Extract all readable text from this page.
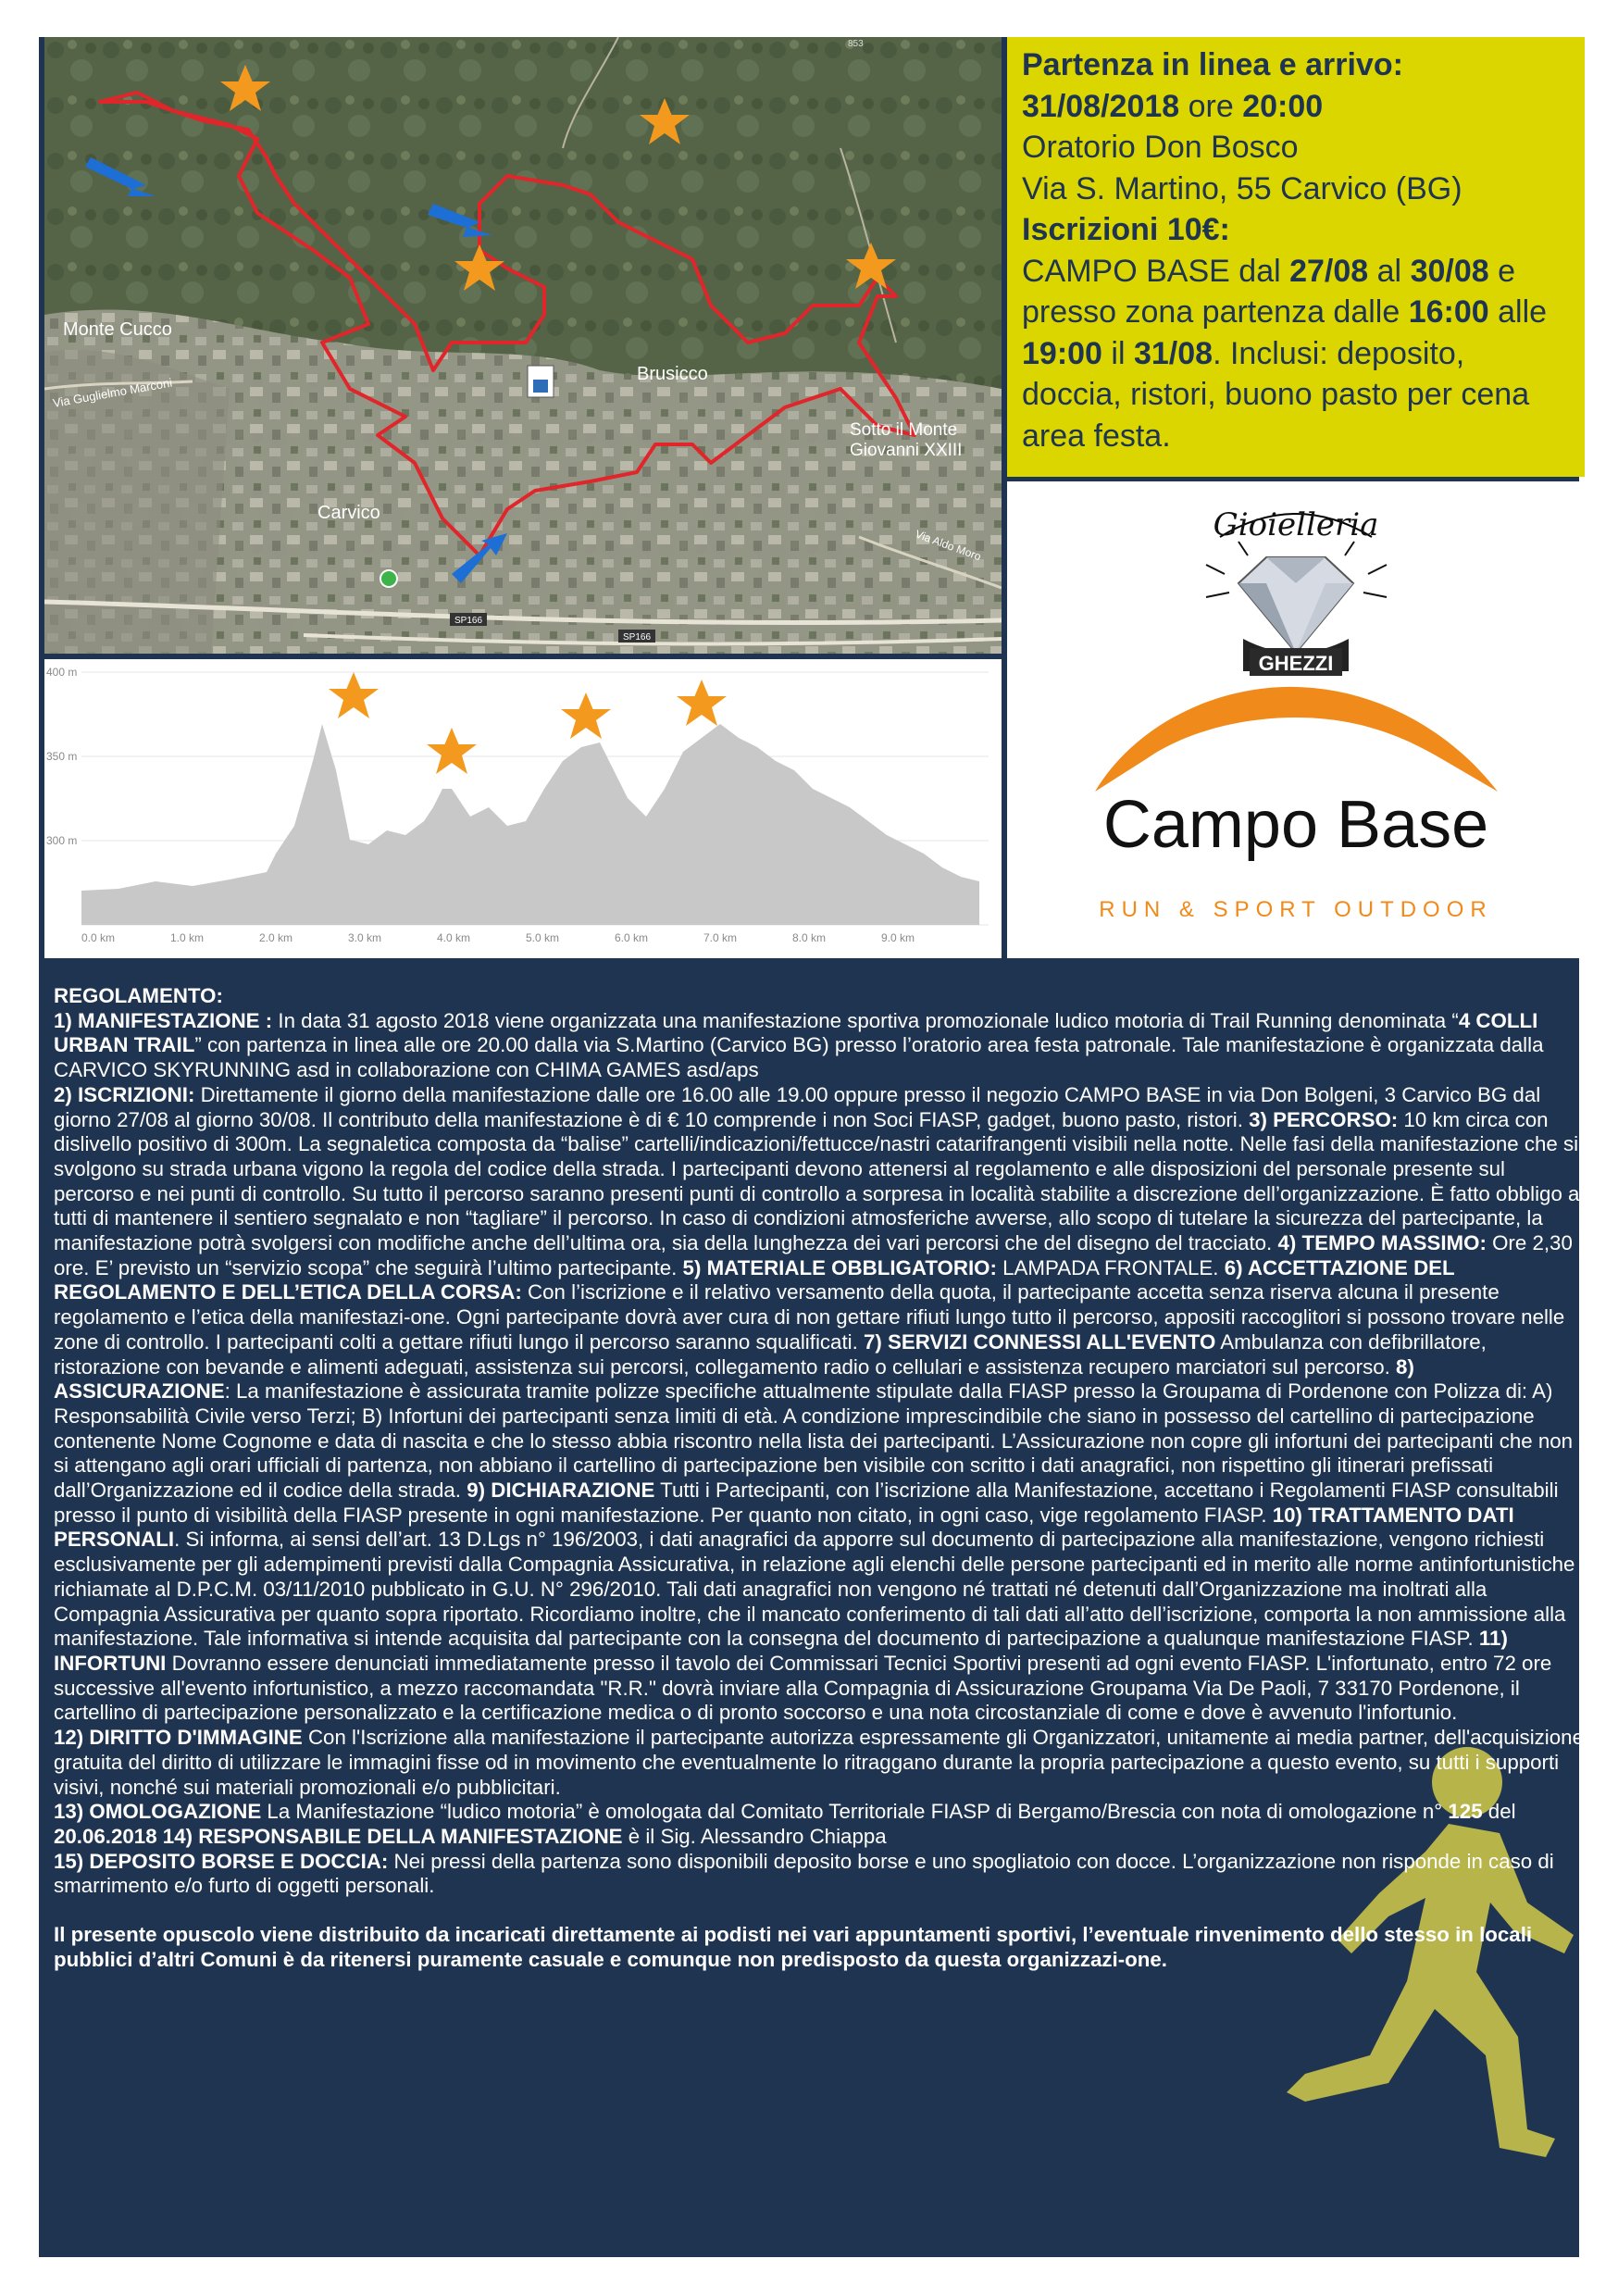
Monte Cucco
Via Guglielmo Marconi
Carvico
Brusicco
Sotto il Monte
Giovanni XXIII
Via Aldo Moro
SP166
SP166
853
Partenza in linea e arrivo:
31/08/2018 ore 20:00
Oratorio Don Bosco
Via S. Martino, 55 Carvico (BG)
Iscrizioni 10€:
CAMPO BASE dal 27/08 al 30/08 e presso zona partenza dalle 16:00 alle 19:00 il 31/08. Inclusi: deposito, doccia, ristori, buono pasto per cena area festa.
Gioielleria
GHEZZI
Campo Base
RUN & SPORT OUTDOOR
400 m
350 m
300 m
0.0 km	1.0 km	2.0 km	3.0 km	4.0 km	5.0 km	6.0 km	7.0 km	8.0 km	9.0 km

REGOLAMENTO:

1) MANIFESTAZIONE : In data 31 agosto 2018 viene organizzata una manifestazione sportiva promozionale ludico motoria di Trail Running denominata “4 COLLI URBAN TRAIL” con partenza in linea alle ore 20.00 dalla via S.Martino (Carvico BG) presso l’oratorio area festa patronale. Tale manifestazione è organizzata dalla CARVICO SKYRUNNING asd in collaborazione con CHIMA GAMES asd/aps

2) ISCRIZIONI: Direttamente il giorno della manifestazione dalle ore 16.00 alle 19.00 oppure presso il negozio CAMPO BASE in via Don Bolgeni, 3 Carvico BG dal giorno 27/08 al giorno 30/08. Il contributo della manifestazione è di € 10 comprende i non Soci FIASP, gadget, buono pasto, ristori. 3) PERCORSO: 10 km circa con dislivello positivo di 300m. La segnaletica composta da “balise” cartelli/indicazioni/fettucce/nastri catarifrangenti visibili nella notte. Nelle fasi della manifestazione che si svolgono su strada urbana vigono la regola del codice della strada. I partecipanti devono attenersi al regolamento e alle disposizioni del personale presente sul percorso e nei punti di controllo. Su tutto il percorso saranno presenti punti di controllo a sorpresa in località stabilite a discrezione dell’organizzazione. È fatto obbligo a tutti di mantenere il sentiero segnalato e non “tagliare” il percorso. In caso di condizioni atmosferiche avverse, allo scopo di tutelare la sicurezza del partecipante, la manifestazione potrà svolgersi con modifiche anche dell’ultima ora, sia della lunghezza dei vari percorsi che del disegno del tracciato. 4) TEMPO MASSIMO: Ore 2,30 ore. E’ previsto un “servizio scopa” che seguirà l’ultimo partecipante. 5) MATERIALE OBBLIGATORIO: LAMPADA FRONTALE. 6) ACCETTAZIONE DEL REGOLAMENTO E DELL’ETICA DELLA CORSA: Con l’iscrizione e il relativo versamento della quota, il partecipante accetta senza riserva alcuna il presente regolamento e l’etica della manifestazi-one. Ogni partecipante dovrà aver cura di non gettare rifiuti lungo tutto il percorso, appositi raccoglitori si possono trovare nelle zone di controllo. I partecipanti colti a gettare rifiuti lungo il percorso saranno squalificati. 7) SERVIZI CONNESSI ALL'EVENTO Ambulanza con defibrillatore, ristorazione con bevande e alimenti adeguati, assistenza sui percorsi, collegamento radio o cellulari e assistenza recupero marciatori sul percorso. 8) ASSICURAZIONE: La manifestazione è assicurata tramite polizze specifiche attualmente stipulate dalla FIASP presso la Groupama di Pordenone con Polizza di: A) Responsabilità Civile verso Terzi; B) Infortuni dei partecipanti senza limiti di età. A condizione imprescindibile che siano in possesso del cartellino di partecipazione contenente Nome Cognome e data di nascita e che lo stesso abbia riscontro nella lista dei partecipanti. L’Assicurazione non copre gli infortuni dei partecipanti che non si attengano agli orari ufficiali di partenza, non abbiano il cartellino di partecipazione ben visibile con scritto i dati anagrafici, non rispettino gli itinerari prefissati dall’Organizzazione ed il codice della strada. 9) DICHIARAZIONE Tutti i Partecipanti, con l’iscrizione alla Manifestazione, accettano i Regolamenti FIASP consultabili presso il punto di visibilità della FIASP presente in ogni manifestazione. Per quanto non citato, in ogni caso, vige regolamento FIASP. 10) TRATTAMENTO DATI PERSONALI. Si informa, ai sensi dell’art. 13 D.Lgs n° 196/2003, i dati anagrafici da apporre sul documento di partecipazione alla manifestazione, vengono richiesti esclusivamente per gli adempimenti previsti dalla Compagnia Assicurativa, in relazione agli elenchi delle persone partecipanti ed in merito alle norme antinfortunistiche richiamate al D.P.C.M. 03/11/2010 pubblicato in G.U. N° 296/2010. Tali dati anagrafici non vengono né trattati né detenuti dall’Organizzazione ma inoltrati alla Compagnia Assicurativa per quanto sopra riportato. Ricordiamo inoltre, che il mancato conferimento di tali dati all’atto dell’iscrizione, comporta la non ammissione alla manifestazione. Tale informativa si intende acquisita dal partecipante con la consegna del documento di partecipazione a qualunque manifestazione FIASP. 11) INFORTUNI Dovranno essere denunciati immediatamente presso il tavolo dei Commissari Tecnici Sportivi presenti ad ogni evento FIASP. L'infortunato, entro 72 ore successive all'evento infortunistico, a mezzo raccomandata "R.R." dovrà inviare alla Compagnia di Assicurazione Groupama Via De Paoli, 7 33170 Pordenone, il cartellino di partecipazione personalizzato e la certificazione medica o di pronto soccorso e una nota circostanziale di come e dove è avvenuto l'infortunio.

12) DIRITTO D'IMMAGINE Con l'Iscrizione alla manifestazione il partecipante autorizza espressamente gli Organizzatori, unitamente ai media partner, dell'acquisizione gratuita del diritto di utilizzare le immagini fisse od in movimento che eventualmente lo ritraggano durante la propria partecipazione a questo evento, su tutti i supporti visivi, nonché sui materiali promozionali e/o pubblicitari.

13) OMOLOGAZIONE La Manifestazione “ludico motoria” è omologata dal Comitato Territoriale FIASP di Bergamo/Brescia con nota di omologazione n° 125 del 20.06.2018 14) RESPONSABILE DELLA MANIFESTAZIONE è il Sig. Alessandro Chiappa

15) DEPOSITO BORSE E DOCCIA: Nei pressi della partenza sono disponibili deposito borse e uno spogliatoio con docce. L’organizzazione non risponde in caso di smarrimento e/o furto di oggetti personali.

Il presente opuscolo viene distribuito da incaricati direttamente ai podisti nei vari appuntamenti sportivi, l’eventuale rinvenimento dello stesso in locali pubblici d’altri Comuni è da ritenersi puramente casuale e comunque non predisposto da questa organizzazi-one.
